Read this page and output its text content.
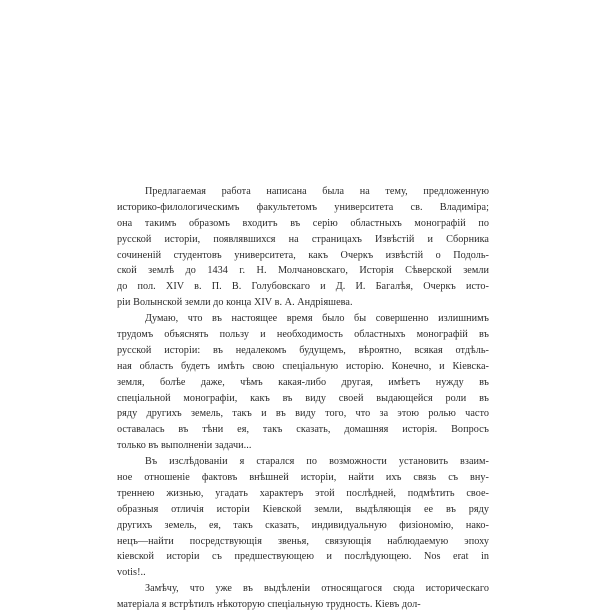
Предлагаемая работа написана была на тему, предложенную
историко-филологическимъ факультетомъ университета св. Владиміра;
она такимъ образомъ входитъ въ серію областныхъ монографій по
русской исторіи, появлявшихся на страницахъ Извѣстій и Сборника
сочиненій студентовъ университета, какъ Очеркъ извѣстій о Подоль-
ской землѣ до 1434 г. Н. Молчановскаго, Исторія Сѣверской земли
до пол. XIV в. П. В. Голубовскаго и Д. И. Багалѣя, Очеркъ исто-
ріи Волынской земли до конца XIV в. А. Андріяшева.
Думаю, что въ настоящее время было бы совершенно излишнимъ
трудомъ объяснять пользу и необходимость областныхъ монографій въ
русской исторіи: въ недалекомъ будущемъ, вѣроятно, всякая отдѣль-
ная область будетъ имѣть свою спеціальную исторію. Конечно, и Кіевска-
земля, болѣе даже, чѣмъ какая-либо другая, имѣетъ нужду въ
спеціальной монографіи, какъ въ виду своей выдающейся роли въ
ряду другихъ земель, такъ и въ виду того, что за этою ролью часто
оставалась въ тѣни ея, такъ сказать, домашняя исторія. Вопросъ
только въ выполненіи задачи...
Въ изслѣдованіи я старался по возможности установить взаим-
ное отношеніе фактовъ внѣшней исторіи, найти ихъ связь съ вну-
треннею жизнью, угадать характеръ этой послѣдней, подмѣтить свое-
образныя отличія исторіи Кіевской земли, выдѣляющія ее въ ряду
другихъ земель, ея, такъ сказать, индивидуальную физіономію, нако-
нецъ—найти посредствующія звенья, связующія наблюдаемую эпоху
кіевской исторіи съ предшествующею и послѣдующею. Nos erat in
votis!..
Замѣчу, что уже въ выдѣленіи относящагося сюда историческаго
матеріала я встрѣтилъ нѣкоторую спеціальную трудность. Кіевъ дол-
